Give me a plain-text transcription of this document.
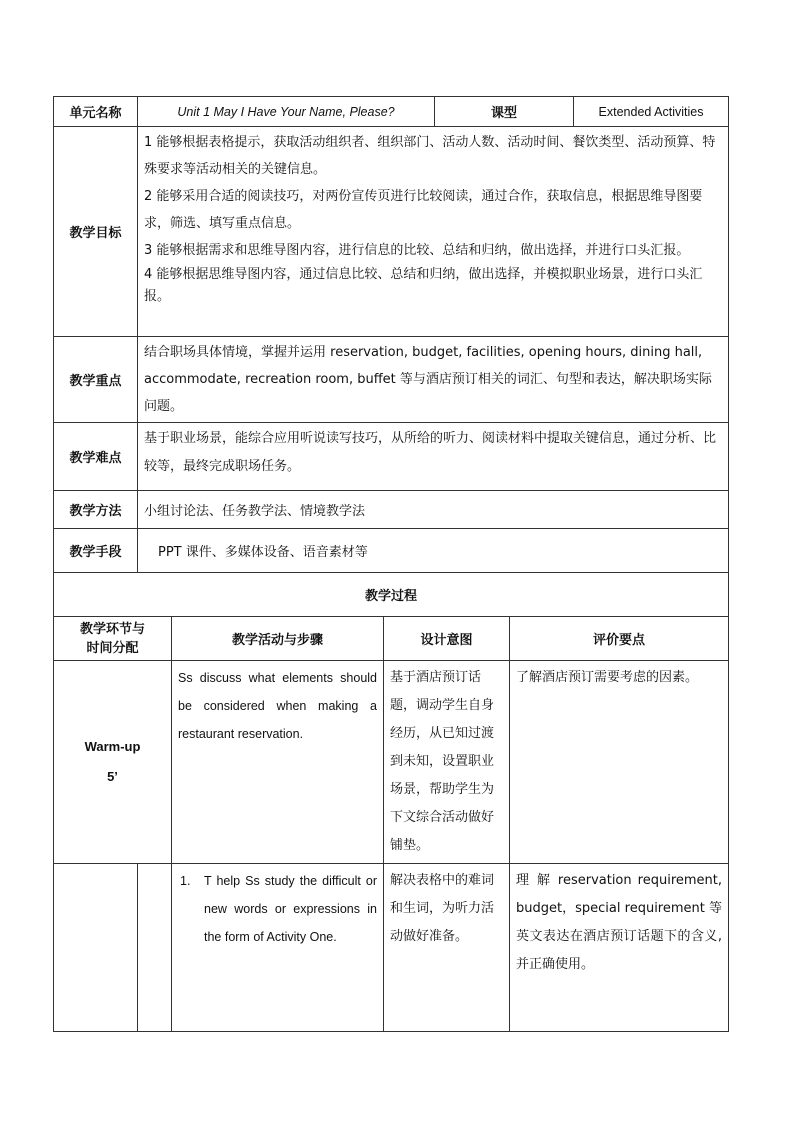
单元名称	Unit 1 May I Have Your Name, Please?			课型		Extended Activities
教学目标	1 能够根据表格提示，获取活动组织者、组织部门、活动人数、活动时间、餐饮类型、活动预算、特殊要求等活动相关的关键信息。

2 能够采用合适的阅读技巧，对两份宣传页进行比较阅读，通过合作，获取信息，根据思维导图要求，筛选、填写重点信息。

3 能够根据需求和思维导图内容，进行信息的比较、总结和归纳，做出选择，并进行口头汇报。

4 能够根据思维导图内容，通过信息比较、总结和归纳，做出选择，并模拟职业场景，进行口头汇报。					

教学重点	结合职场具体情境，掌握并运用 reservation, budget, facilities, opening hours, dining hall, accommodate, recreation room, buffet 等与酒店预订相关的词汇、句型和表达，解决职场实际问题。					
教学难点	基于职业场景，能综合应用听说读写技巧，从所给的听力、阅读材料中提取关键信息，通过分析、比较等，最终完成职场任务。					
教学方法	小组讨论法、任务教学法、情境教学法					
教学手段	PPT 课件、多媒体设备、语音素材等					
教学过程						

教学环节与
时间分配		教学活动与步骤	设计意图		评价要点	

Warm-up
5’		Ss discuss what elements should be considered when making a restaurant reservation.	基于酒店预订话题，调动学生自身经历，从已知过渡到未知，设置职业场景，帮助学生为下文综合活动做好铺垫。		了解酒店预订需要考虑的因素。	

		1. T help Ss study the difficult or new words or expressions in the form of Activity One.	解决表格中的难词和生词，为听力活动做好准备。		理 解 reservation requirement, budget，special requirement 等英文表达在酒店预订话题下的含义,并正确使用。	
